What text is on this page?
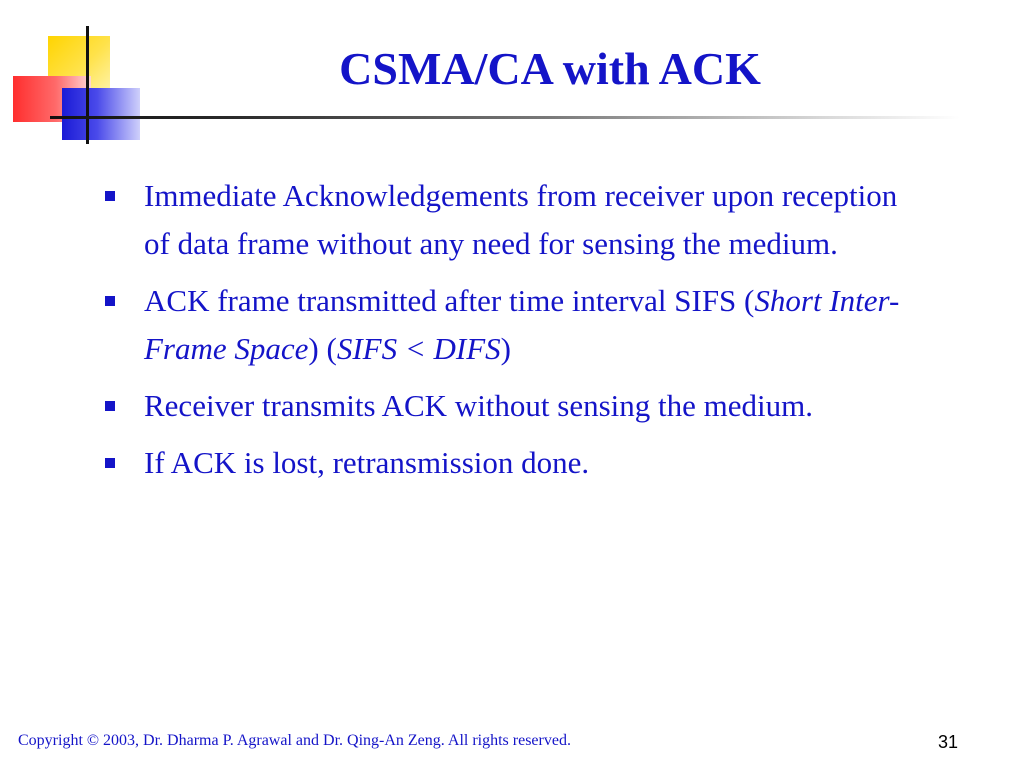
CSMA/CA with ACK
Immediate Acknowledgements from receiver upon reception of data frame without any need for sensing the medium.
ACK frame transmitted after time interval SIFS (Short Inter-Frame Space) (SIFS < DIFS)
Receiver transmits ACK without sensing the medium.
If ACK is lost, retransmission done.
Copyright © 2003, Dr. Dharma P. Agrawal and Dr. Qing-An Zeng. All rights reserved.	31
